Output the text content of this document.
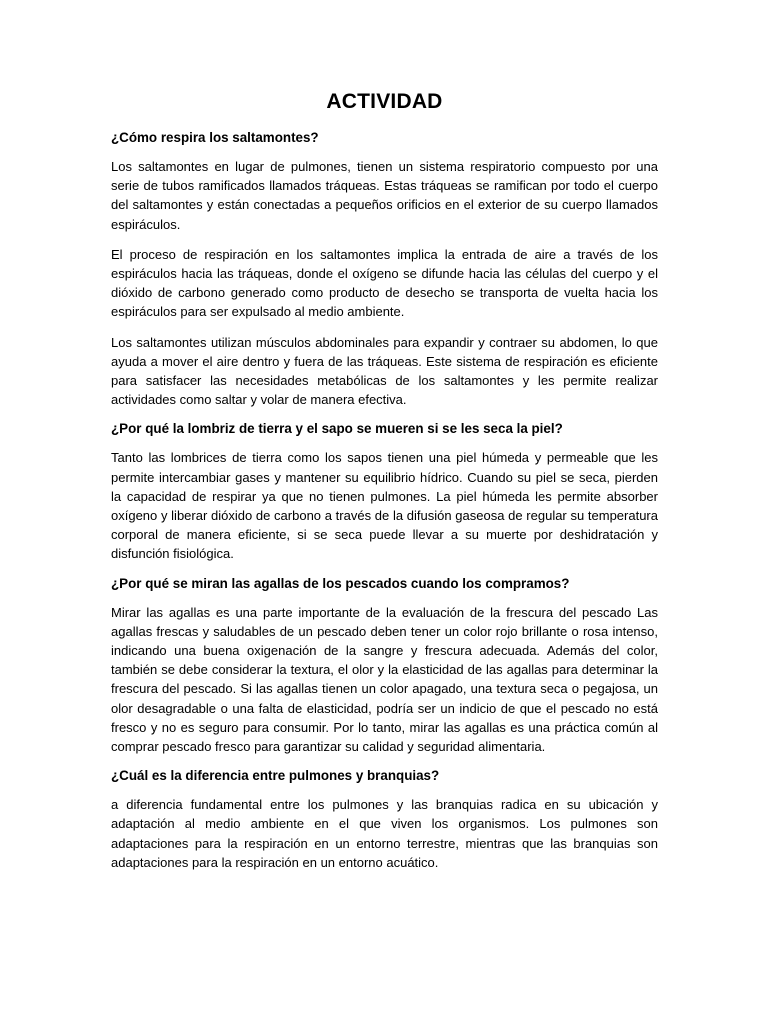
ACTIVIDAD
¿Cómo respira los saltamontes?

Los saltamontes en lugar de pulmones, tienen un sistema respiratorio compuesto por una serie de tubos ramificados llamados tráqueas. Estas tráqueas se ramifican por todo el cuerpo del saltamontes y están conectadas a pequeños orificios en el exterior de su cuerpo llamados espiráculos.

El proceso de respiración en los saltamontes implica la entrada de aire a través de los espiráculos hacia las tráqueas, donde el oxígeno se difunde hacia las células del cuerpo y el dióxido de carbono generado como producto de desecho se transporta de vuelta hacia los espiráculos para ser expulsado al medio ambiente.

Los saltamontes utilizan músculos abdominales para expandir y contraer su abdomen, lo que ayuda a mover el aire dentro y fuera de las tráqueas. Este sistema de respiración es eficiente para satisfacer las necesidades metabólicas de los saltamontes y les permite realizar actividades como saltar y volar de manera efectiva.

¿Por qué la lombriz de tierra y el sapo se mueren si se les seca la piel?

Tanto las lombrices de tierra como los sapos tienen una piel húmeda y permeable que les permite intercambiar gases y mantener su equilibrio hídrico. Cuando su piel se seca, pierden la capacidad de respirar ya que no tienen pulmones. La piel húmeda les permite absorber oxígeno y liberar dióxido de carbono a través de la difusión gaseosa de regular su temperatura corporal de manera eficiente, si se seca puede llevar a su muerte por deshidratación y disfunción fisiológica.

¿Por qué se miran las agallas de los pescados cuando los compramos?

Mirar las agallas es una parte importante de la evaluación de la frescura del pescado Las agallas frescas y saludables de un pescado deben tener un color rojo brillante o rosa intenso, indicando una buena oxigenación de la sangre y frescura adecuada. Además del color, también se debe considerar la textura, el olor y la elasticidad de las agallas para determinar la frescura del pescado. Si las agallas tienen un color apagado, una textura seca o pegajosa, un olor desagradable o una falta de elasticidad, podría ser un indicio de que el pescado no está fresco y no es seguro para consumir. Por lo tanto, mirar las agallas es una práctica común al comprar pescado fresco para garantizar su calidad y seguridad alimentaria.

¿Cuál es la diferencia entre pulmones y branquias?

a diferencia fundamental entre los pulmones y las branquias radica en su ubicación y adaptación al medio ambiente en el que viven los organismos. Los pulmones son adaptaciones para la respiración en un entorno terrestre, mientras que las branquias son adaptaciones para la respiración en un entorno acuático.
